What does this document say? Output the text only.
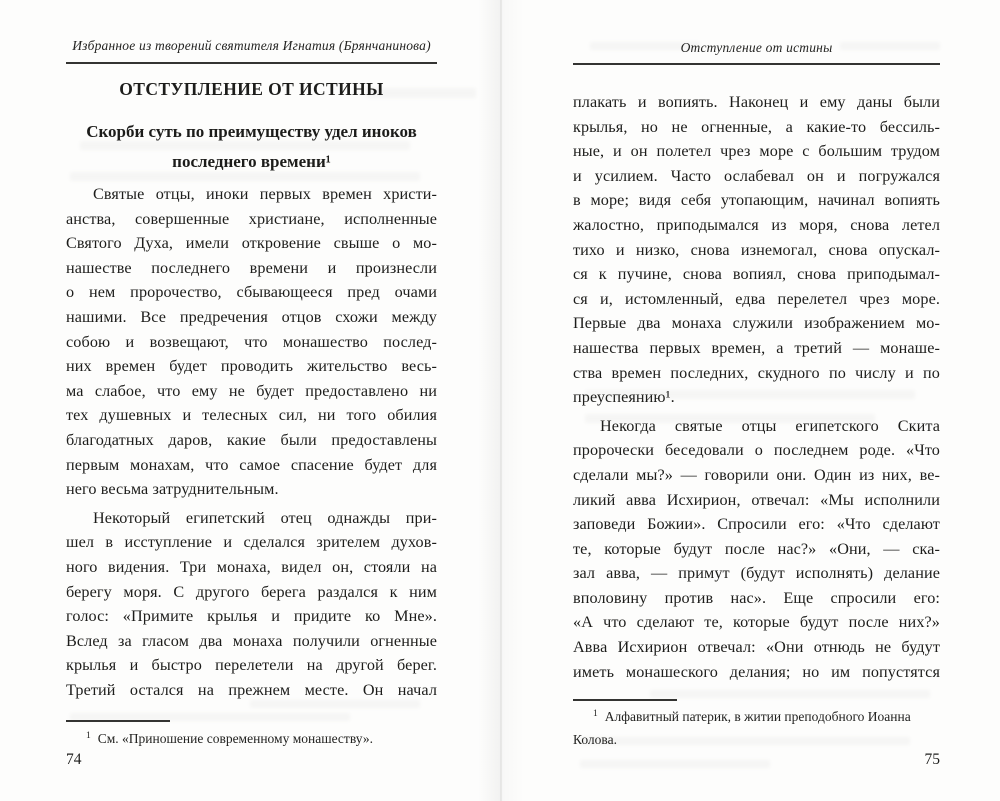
Избранное из творений святителя Игнатия (Брянчанинова)
ОТСТУПЛЕНИЕ ОТ ИСТИНЫ
Скорби суть по преимуществу удел иноков
последнего времени¹
Святые отцы, иноки первых времен христи-
анства, совершенные христиане, исполненные
Святого Духа, имели откровение свыше о мо-
нашестве последнего времени и произнесли
о нем пророчество, сбывающееся пред очами
нашими. Все предречения отцов схожи между
собою и возвещают, что монашество послед-
них времен будет проводить жительство весь-
ма слабое, что ему не будет предоставлено ни
тех душевных и телесных сил, ни того обилия
благодатных даров, какие были предоставлены
первым монахам, что самое спасение будет для
него весьма затруднительным.
Некоторый египетский отец однажды при-
шел в исступление и сделался зрителем духов-
ного видения. Три монаха, видел он, стояли на
берегу моря. С другого берега раздался к ним
голос: «Примите крылья и придите ко Мне».
Вслед за гласом два монаха получили огненные
крылья и быстро перелетели на другой берег.
Третий остался на прежнем месте. Он начал
$^1$ См. «Приношение современному монашеству».
74
Отступление от истины
плакать и вопиять. Наконец и ему даны были
крылья, но не огненные, а какие-то бессиль-
ные, и он полетел чрез море с большим трудом
и усилием. Часто ослабевал он и погружался
в море; видя себя утопающим, начинал вопиять
жалостно, приподымался из моря, снова летел
тихо и низко, снова изнемогал, снова опускал-
ся к пучине, снова вопиял, снова приподымал-
ся и, истомленный, едва перелетел чрез море.
Первые два монаха служили изображением мо-
нашества первых времен, а третий — монаше-
ства времен последних, скудного по числу и по
преуспеянию¹.
Некогда святые отцы египетского Скита
пророчески беседовали о последнем роде. «Что
сделали мы?» — говорили они. Один из них, ве-
ликий авва Исхирион, отвечал: «Мы исполнили
заповеди Божии». Спросили его: «Что сделают
те, которые будут после нас?» «Они, — ска-
зал авва, — примут (будут исполнять) делание
вполовину против нас». Еще спросили его:
«А что сделают те, которые будут после них?»
Авва Исхирион отвечал: «Они отнюдь не будут
иметь монашеского делания; но им попустятся
$^1$ Алфавитный патерик, в житии преподобного Иоанна
Колова.
75
